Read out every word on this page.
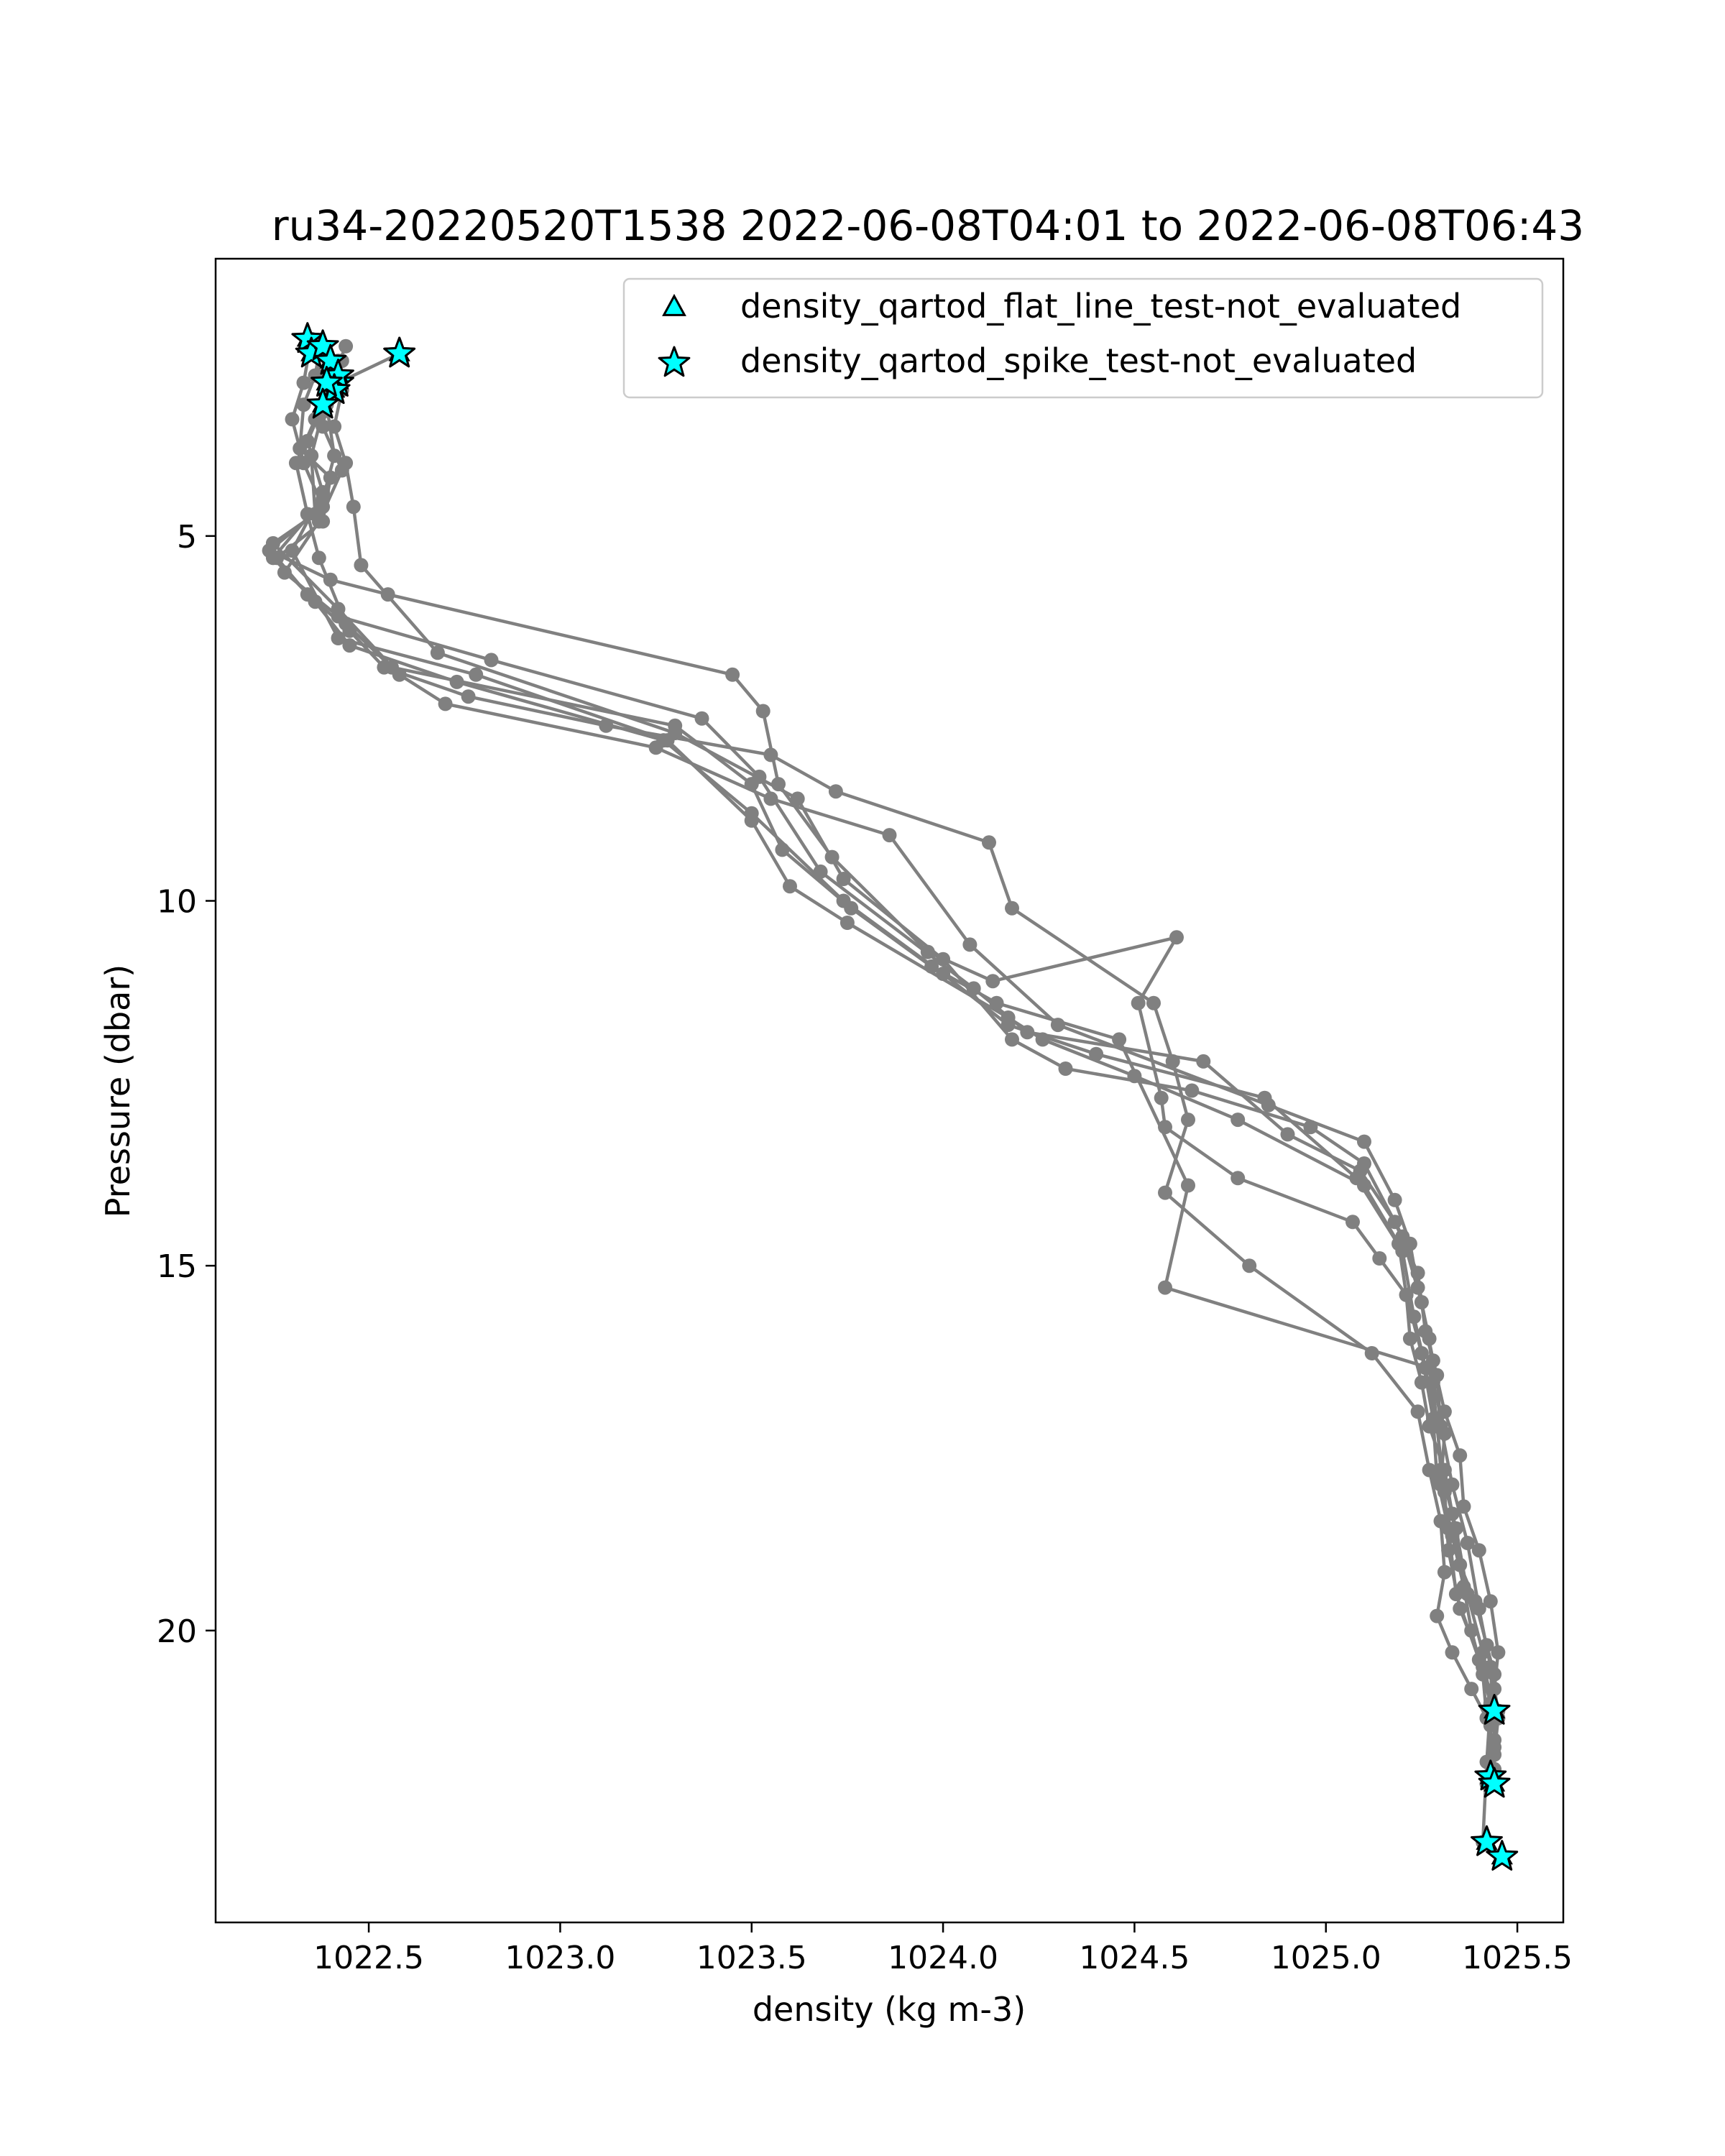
ru34-20220520T1538 2022-06-08T04:01 to 2022-06-08T06:43
1022.5	1023.0	1023.5	1024.0	1024.5	1025.0	1025.5
5
10
15
20
density (kg m-3)
Pressure (dbar)
density_qartod_flat_line_test-not_evaluated
density_qartod_spike_test-not_evaluated
